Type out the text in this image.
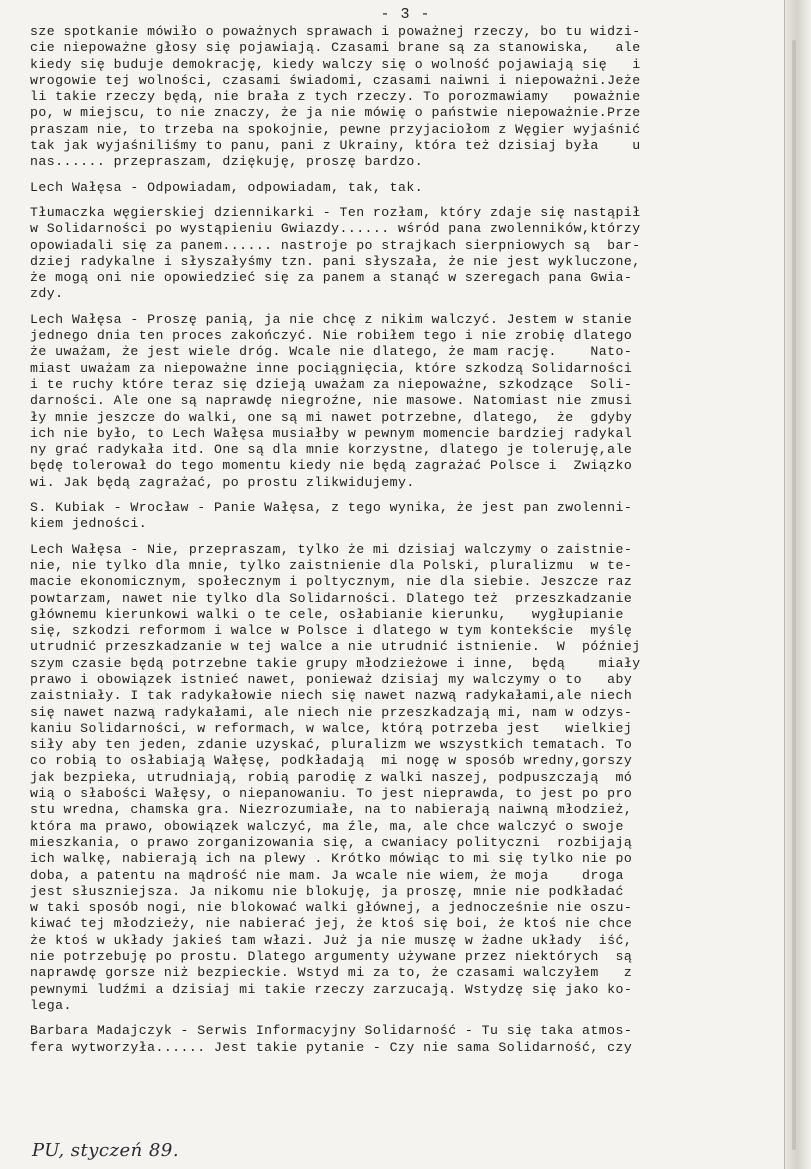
- 3 -
sze spotkanie mówiło o poważnych sprawach i poważnej rzeczy, bo tu widzi-
cie niepoważne głosy się pojawiają. Czasami brane są za stanowiska,   ale
kiedy się buduje demokrację, kiedy walczy się o wolność pojawiają się   i
wrogowie tej wolności, czasami świadomi, czasami naiwni i niepoważni.Jeże
li takie rzeczy będą, nie brała z tych rzeczy. To porozmawiamy   poważnie
po, w miejscu, to nie znaczy, że ja nie mówię o państwie niepoważnie.Prze
praszam nie, to trzeba na spokojnie, pewne przyjaciołom z Węgier wyjaśnić
tak jak wyjaśniliśmy to panu, pani z Ukrainy, która też dzisiaj była    u
nas...... przepraszam, dziękuję, proszę bardzo.
Lech Wałęsa - Odpowiadam, odpowiadam, tak, tak.
Tłumaczka węgierskiej dziennikarki - Ten rozłam, który zdaje się nastąpił
w Solidarności po wystąpieniu Gwiazdy...... wśród pana zwolenników,którzy
opowiadali się za panem...... nastroje po strajkach sierpniowych są  bar-
dziej radykalne i słyszałyśmy tzn. pani słyszała, że nie jest wykluczone,
że mogą oni nie opowiedzieć się za panem a stanąć w szeregach pana Gwia-
zdy.
Lech Wałęsa - Proszę panią, ja nie chcę z nikim walczyć. Jestem w stanie
jednego dnia ten proces zakończyć. Nie robiłem tego i nie zrobię dlatego
że uważam, że jest wiele dróg. Wcale nie dlatego, że mam rację.    Nato-
miast uważam za niepoważne inne pociągnięcia, które szkodzą Solidarności
i te ruchy które teraz się dzieją uważam za niepoważne, szkodzące  Soli-
darności. Ale one są naprawdę niegroźne, nie masowe. Natomiast nie zmusi
ły mnie jeszcze do walki, one są mi nawet potrzebne, dlatego,  że  gdyby
ich nie było, to Lech Wałęsa musiałby w pewnym momencie bardziej radykal
ny grać radykała itd. One są dla mnie korzystne, dlatego je toleruję,ale
będę tolerował do tego momentu kiedy nie będą zagrażać Polsce i  Związko
wi. Jak będą zagrażać, po prostu zlikwidujemy.
S. Kubiak - Wrocław - Panie Wałęsa, z tego wynika, że jest pan zwolenni-
kiem jedności.
Lech Wałęsa - Nie, przepraszam, tylko że mi dzisiaj walczymy o zaistnie-
nie, nie tylko dla mnie, tylko zaistnienie dla Polski, pluralizmu  w te-
macie ekonomicznym, społecznym i poltycznym, nie dla siebie. Jeszcze raz
powtarzam, nawet nie tylko dla Solidarności. Dlatego też  przeszkadzanie
głównemu kierunkowi walki o te cele, osłabianie kierunku,   wygłupianie
się, szkodzi reformom i walce w Polsce i dlatego w tym kontekście  myślę
utrudnić przeszkadzanie w tej walce a nie utrudnić istnienie.  W  później
szym czasie będą potrzebne takie grupy młodzieżowe i inne,  będą    miały
prawo i obowiązek istnieć nawet, ponieważ dzisiaj my walczymy o to   aby
zaistniały. I tak radykałowie niech się nawet nazwą radykałami,ale niech
się nawet nazwą radykałami, ale niech nie przeszkadzają mi, nam w odzys-
kaniu Solidarności, w reformach, w walce, którą potrzeba jest   wielkiej
siły aby ten jeden, zdanie uzyskać, pluralizm we wszystkich tematach. To
co robią to osłabiają Wałęsę, podkładają  mi nogę w sposób wredny,gorszy
jak bezpieka, utrudniają, robią parodię z walki naszej, podpuszczają  mó
wią o słabości Wałęsy, o niepanowaniu. To jest nieprawda, to jest po pro
stu wredna, chamska gra. Niezrozumiałe, na to nabierają naiwną młodzież,
która ma prawo, obowiązek walczyć, ma źle, ma, ale chce walczyć o swoje
mieszkania, o prawo zorganizowania się, a cwaniacy polityczni  rozbijają
ich walkę, nabierają ich na plewy . Krótko mówiąc to mi się tylko nie po
doba, a patentu na mądrość nie mam. Ja wcale nie wiem, że moja    droga
jest słuszniejsza. Ja nikomu nie blokuję, ja proszę, mnie nie podkładać
w taki sposób nogi, nie blokować walki głównej, a jednocześnie nie oszu-
kiwać tej młodzieży, nie nabierać jej, że ktoś się boi, że ktoś nie chce
że ktoś w układy jakieś tam włazi. Już ja nie muszę w żadne układy  iść,
nie potrzebuję po prostu. Dlatego argumenty używane przez niektórych  są
naprawdę gorsze niż bezpieckie. Wstyd mi za to, że czasami walczyłem   z
pewnymi ludźmi a dzisiaj mi takie rzeczy zarzucają. Wstydzę się jako ko-
lega.
Barbara Madajczyk - Serwis Informacyjny Solidarność - Tu się taka atmos-
fera wytworzyła...... Jest takie pytanie - Czy nie sama Solidarność, czy
PU, styczeń 89.
